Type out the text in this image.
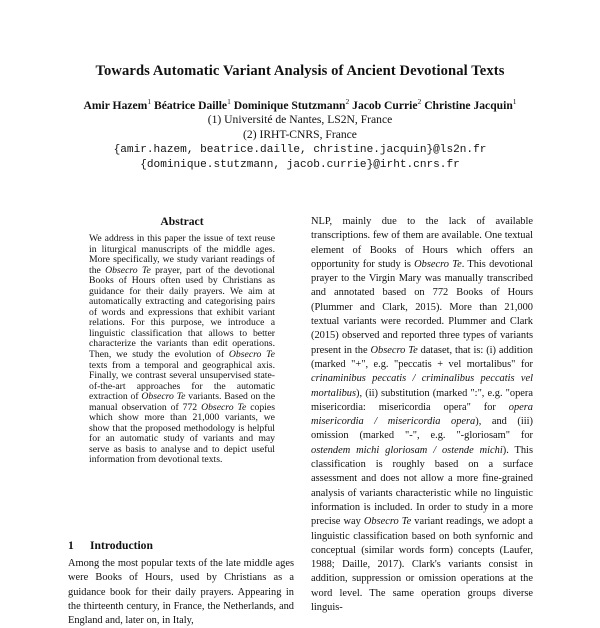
Towards Automatic Variant Analysis of Ancient Devotional Texts
Amir Hazem$^1$ Béatrice Daille$^1$ Dominique Stutzmann$^2$ Jacob Currie$^2$ Christine Jacquin$^1$
(1) Université de Nantes, LS2N, France
(2) IRHT-CNRS, France
{amir.hazem, beatrice.daille, christine.jacquin}@ls2n.fr
{dominique.stutzmann, jacob.currie}@irht.cnrs.fr
Abstract
We address in this paper the issue of text reuse in liturgical manuscripts of the middle ages. More specifically, we study variant readings of the Obsecro Te prayer, part of the devotional Books of Hours often used by Christians as guidance for their daily prayers. We aim at automatically extracting and categorising pairs of words and expressions that exhibit variant relations. For this purpose, we introduce a linguistic classification that allows to better characterize the variants than edit operations. Then, we study the evolution of Obsecro Te texts from a temporal and geographical axis. Finally, we contrast several unsupervised state-of-the-art approaches for the automatic extraction of Obsecro Te variants. Based on the manual observation of 772 Obsecro Te copies which show more than 21,000 variants, we show that the proposed methodology is helpful for an automatic study of variants and may serve as basis to analyse and to depict useful information from devotional texts.
1 Introduction
Among the most popular texts of the late middle ages were Books of Hours, used by Christians as a guidance book for their daily prayers. Appearing in the thirteenth century, in France, the Netherlands, and England and, later on, in Italy,
NLP, mainly due to the lack of available transcriptions. few of them are available. One textual element of Books of Hours which offers an opportunity for study is Obsecro Te. This devotional prayer to the Virgin Mary was manually transcribed and annotated based on 772 Books of Hours (Plummer and Clark, 2015). More than 21,000 textual variants were recorded. Plummer and Clark (2015) observed and reported three types of variants present in the Obsecro Te dataset, that is: (i) addition (marked "+", e.g. "peccatis + vel mortalibus" for crinaminibus peccatis / criminalibus peccatis vel mortalibus), (ii) substitution (marked ":", e.g. "opera misericordia: misericordia opera" for opera misericordia / misericordia opera), and (iii) omission (marked "-", e.g. "-gloriosam" for ostendem michi gloriosam / ostende michi). This classification is roughly based on a surface assessment and does not allow a more fine-grained analysis of variants characteristic while no linguistic information is included. In order to study in a more precise way Obsecro Te variant readings, we adopt a linguistic classification based on both synfornic and conceptual (similar words form) concepts (Laufer, 1988; Daille, 2017). Clark's variants consist in addition, suppression or omission operations at the word level. The same operation groups diverse linguis-
